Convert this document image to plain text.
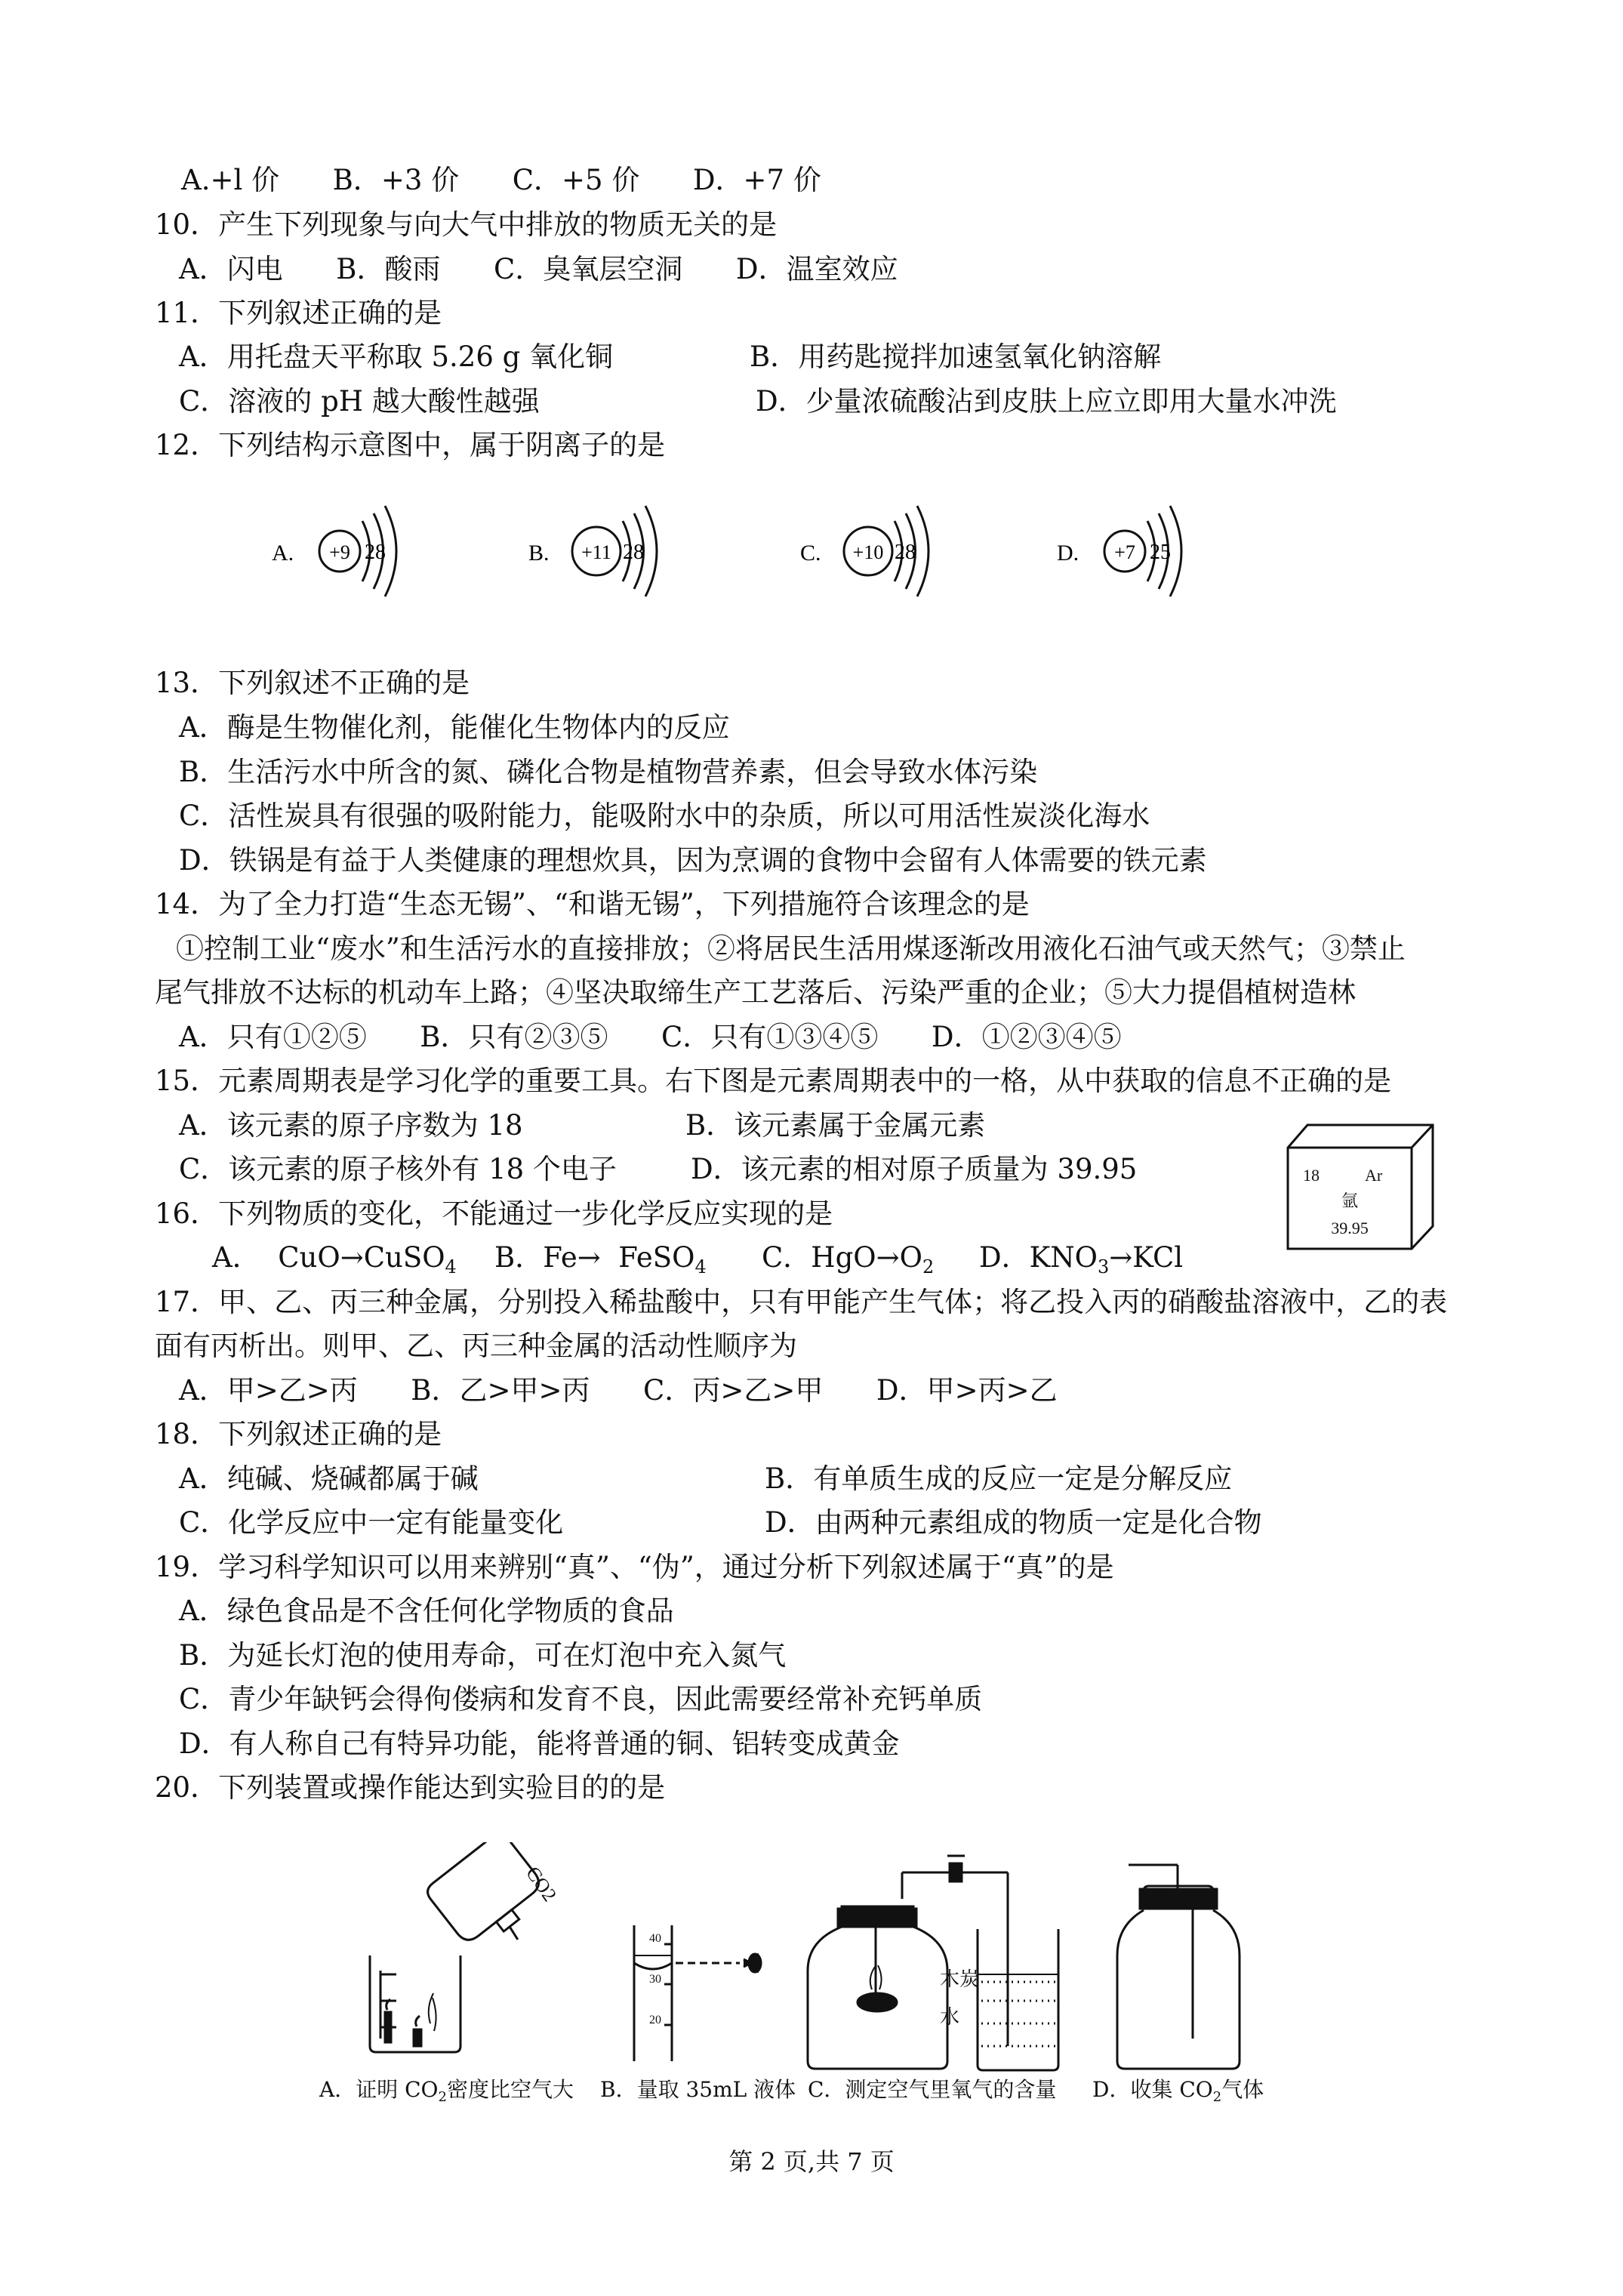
A.+l 价      B．+3 价      C．+5 价      D．+7 价
10．产生下列现象与向大气中排放的物质无关的是
A．闪电      B．酸雨      C．臭氧层空洞      D．温室效应
11．下列叙述正确的是
A．用托盘天平称取 5.26 g 氧化铜	B．用药匙搅拌加速氢氧化钠溶解
C．溶液的 pH 越大酸性越强	D．少量浓硫酸沾到皮肤上应立即用大量水冲洗
12．下列结构示意图中，属于阴离子的是
A. +9 28	B. +11 28	C. +10 28	D. +7 25
13．下列叙述不正确的是
A．酶是生物催化剂，能催化生物体内的反应
B．生活污水中所含的氮、磷化合物是植物营养素，但会导致水体污染
C．活性炭具有很强的吸附能力，能吸附水中的杂质，所以可用活性炭淡化海水
D．铁锅是有益于人类健康的理想炊具，因为烹调的食物中会留有人体需要的铁元素
14．为了全力打造“生态无锡”、“和谐无锡”，下列措施符合该理念的是
①控制工业“废水”和生活污水的直接排放；②将居民生活用煤逐渐改用液化石油气或天然气；③禁止
尾气排放不达标的机动车上路；④坚决取缔生产工艺落后、污染严重的企业；⑤大力提倡植树造林
A．只有①②⑤      B．只有②③⑤      C．只有①③④⑤      D．①②③④⑤
15．元素周期表是学习化学的重要工具。右下图是元素周期表中的一格，从中获取的信息不正确的是
A．该元素的原子序数为 18	B．该元素属于金属元素
C．该元素的原子核外有 18 个电子	D．该元素的相对原子质量为 39.95	18	Ar
氩
39.95
16．下列物质的变化，不能通过一步化学反应实现的是
A．  CuO→CuSO$_4$ B．Fe→  FeSO$_4$ C．$HgO\to O_2$ D．$KNO_3\to KCl$
17．甲、乙、丙三种金属，分别投入稀盐酸中，只有甲能产生气体；将乙投入丙的硝酸盐溶液中，乙的表
面有丙析出。则甲、乙、丙三种金属的活动性顺序为
A．甲>乙>丙      B．乙>甲>丙      C．丙>乙>甲      D．甲>丙>乙
18．下列叙述正确的是
A．纯碱、烧碱都属于碱	B．有单质生成的反应一定是分解反应
C．化学反应中一定有能量变化	D．由两种元素组成的物质一定是化合物
19．学习科学知识可以用来辨别“真”、“伪”，通过分析下列叙述属于“真”的是
A．绿色食品是不含任何化学物质的食品
B．为延长灯泡的使用寿命，可在灯泡中充入氮气
C．青少年缺钙会得佝偻病和发育不良，因此需要经常补充钙单质
D．有人称自己有特异功能，能将普通的铜、铝转变成黄金
20．下列装置或操作能达到实验目的的是
CO2
40
30
20
木炭
水
A．证明 $CO_2$密度比空气大 B．量取 35mL 液体 C．测定空气里氧气的含量 D．收集 $CO_2$气体
第 2 页,共 7 页
